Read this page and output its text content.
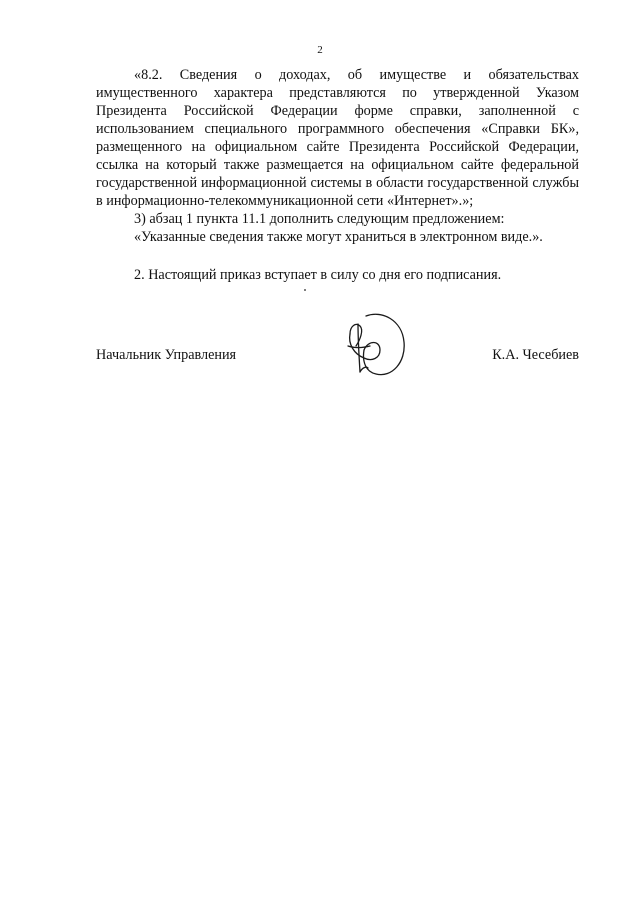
2

«8.2. Сведения о доходах, об имуществе и обязательствах имущественного характера представляются по утвержденной Указом Президента Российской Федерации форме справки, заполненной с использованием специального программного обеспечения «Справки БК», размещенного на официальном сайте Президента Российской Федерации, ссылка на который также размещается на официальном сайте федеральной государственной информационной системы в области государственной службы в информационно-телекоммуникационной сети «Интернет».»;

3) абзац 1 пункта 11.1 дополнить следующим предложением:

«Указанные сведения также могут храниться в электронном виде.».

2. Настоящий приказ вступает в силу со дня его подписания.

Начальник Управления	К.А. Чесебиев
